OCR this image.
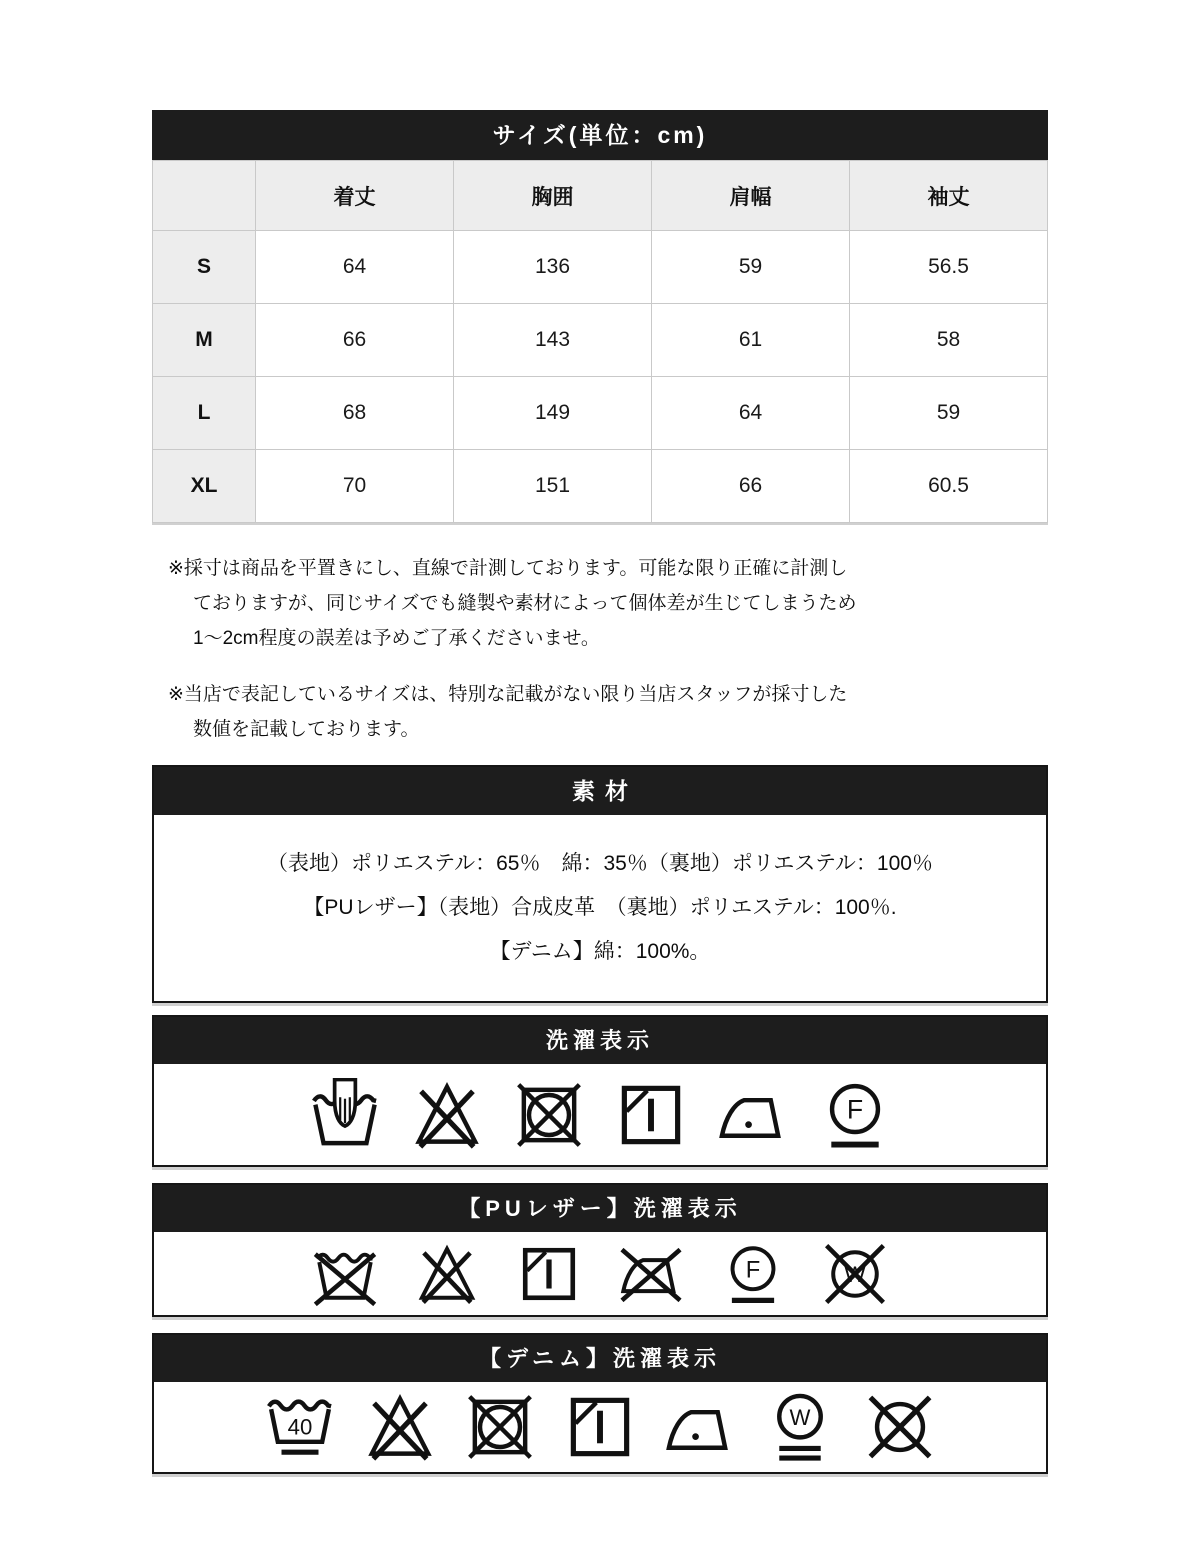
サイズ(単位：cm)
	着丈	胸囲	肩幅	袖丈
S	64	136	59	56.5
M	66	143	61	58
L	68	149	64	59
XL	70	151	66	60.5
※採寸は商品を平置きにし、直線で計測しております。可能な限り正確に計測し
ておりますが、同じサイズでも縫製や素材によって個体差が生じてしまうため
1〜2cm程度の誤差は予めご了承くださいませ。
※当店で表記しているサイズは、特別な記載がない限り当店スタッフが採寸した
数値を記載しております。
素材
（表地）ポリエステル：65％　綿：35％（裏地）ポリエステル：100％
【PUレザー】（表地）合成皮革　（裏地）ポリエステル：100％.
【デニム】綿：100%。
洗濯表示
【PUレザー】洗濯表示
【デニム】洗濯表示
